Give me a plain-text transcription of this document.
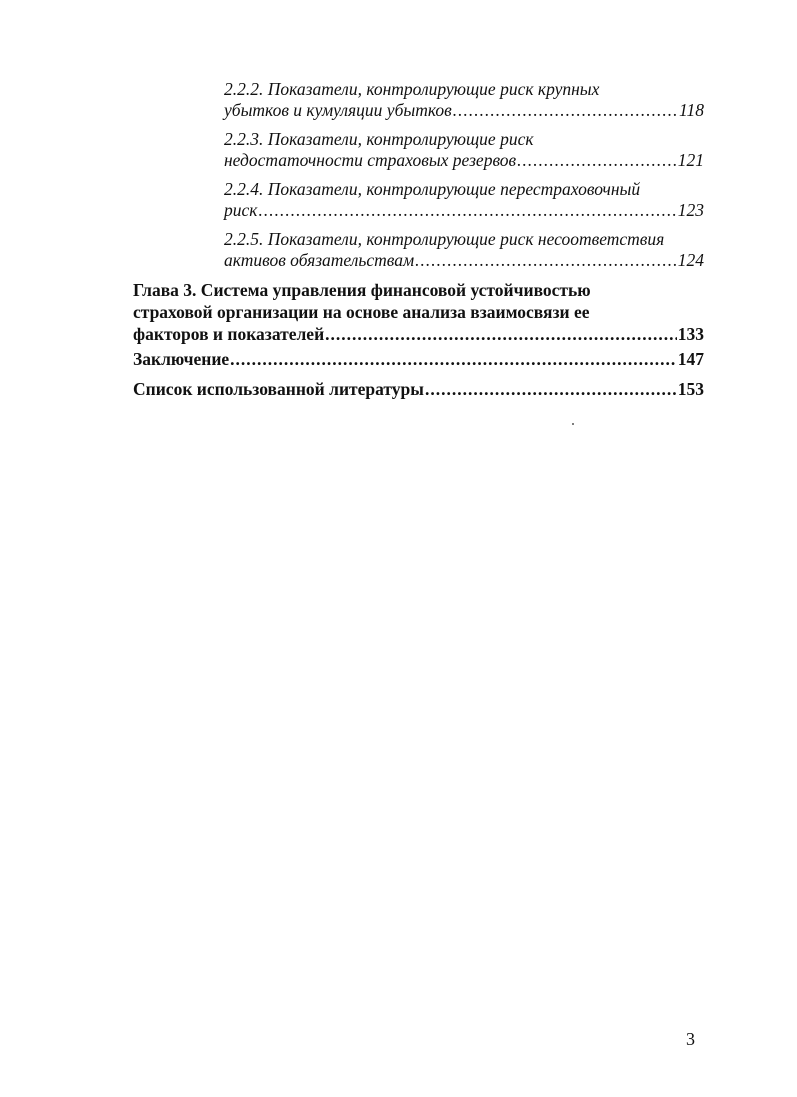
2.2.2. Показатели, контролирующие риск крупных
убытков и кумуляции убытков .....	118
2.2.3. Показатели, контролирующие риск
недостаточности страховых резервов .....	121
2.2.4. Показатели, контролирующие перестраховочный
риск .....	123
2.2.5. Показатели, контролирующие риск несоответствия
активов обязательствам .....	124
Глава 3. Система управления финансовой устойчивостью
страховой организации на основе анализа взаимосвязи ее
факторов и показателей .....	133
Заключение .....	147
Список использованной литературы .....	153
3
